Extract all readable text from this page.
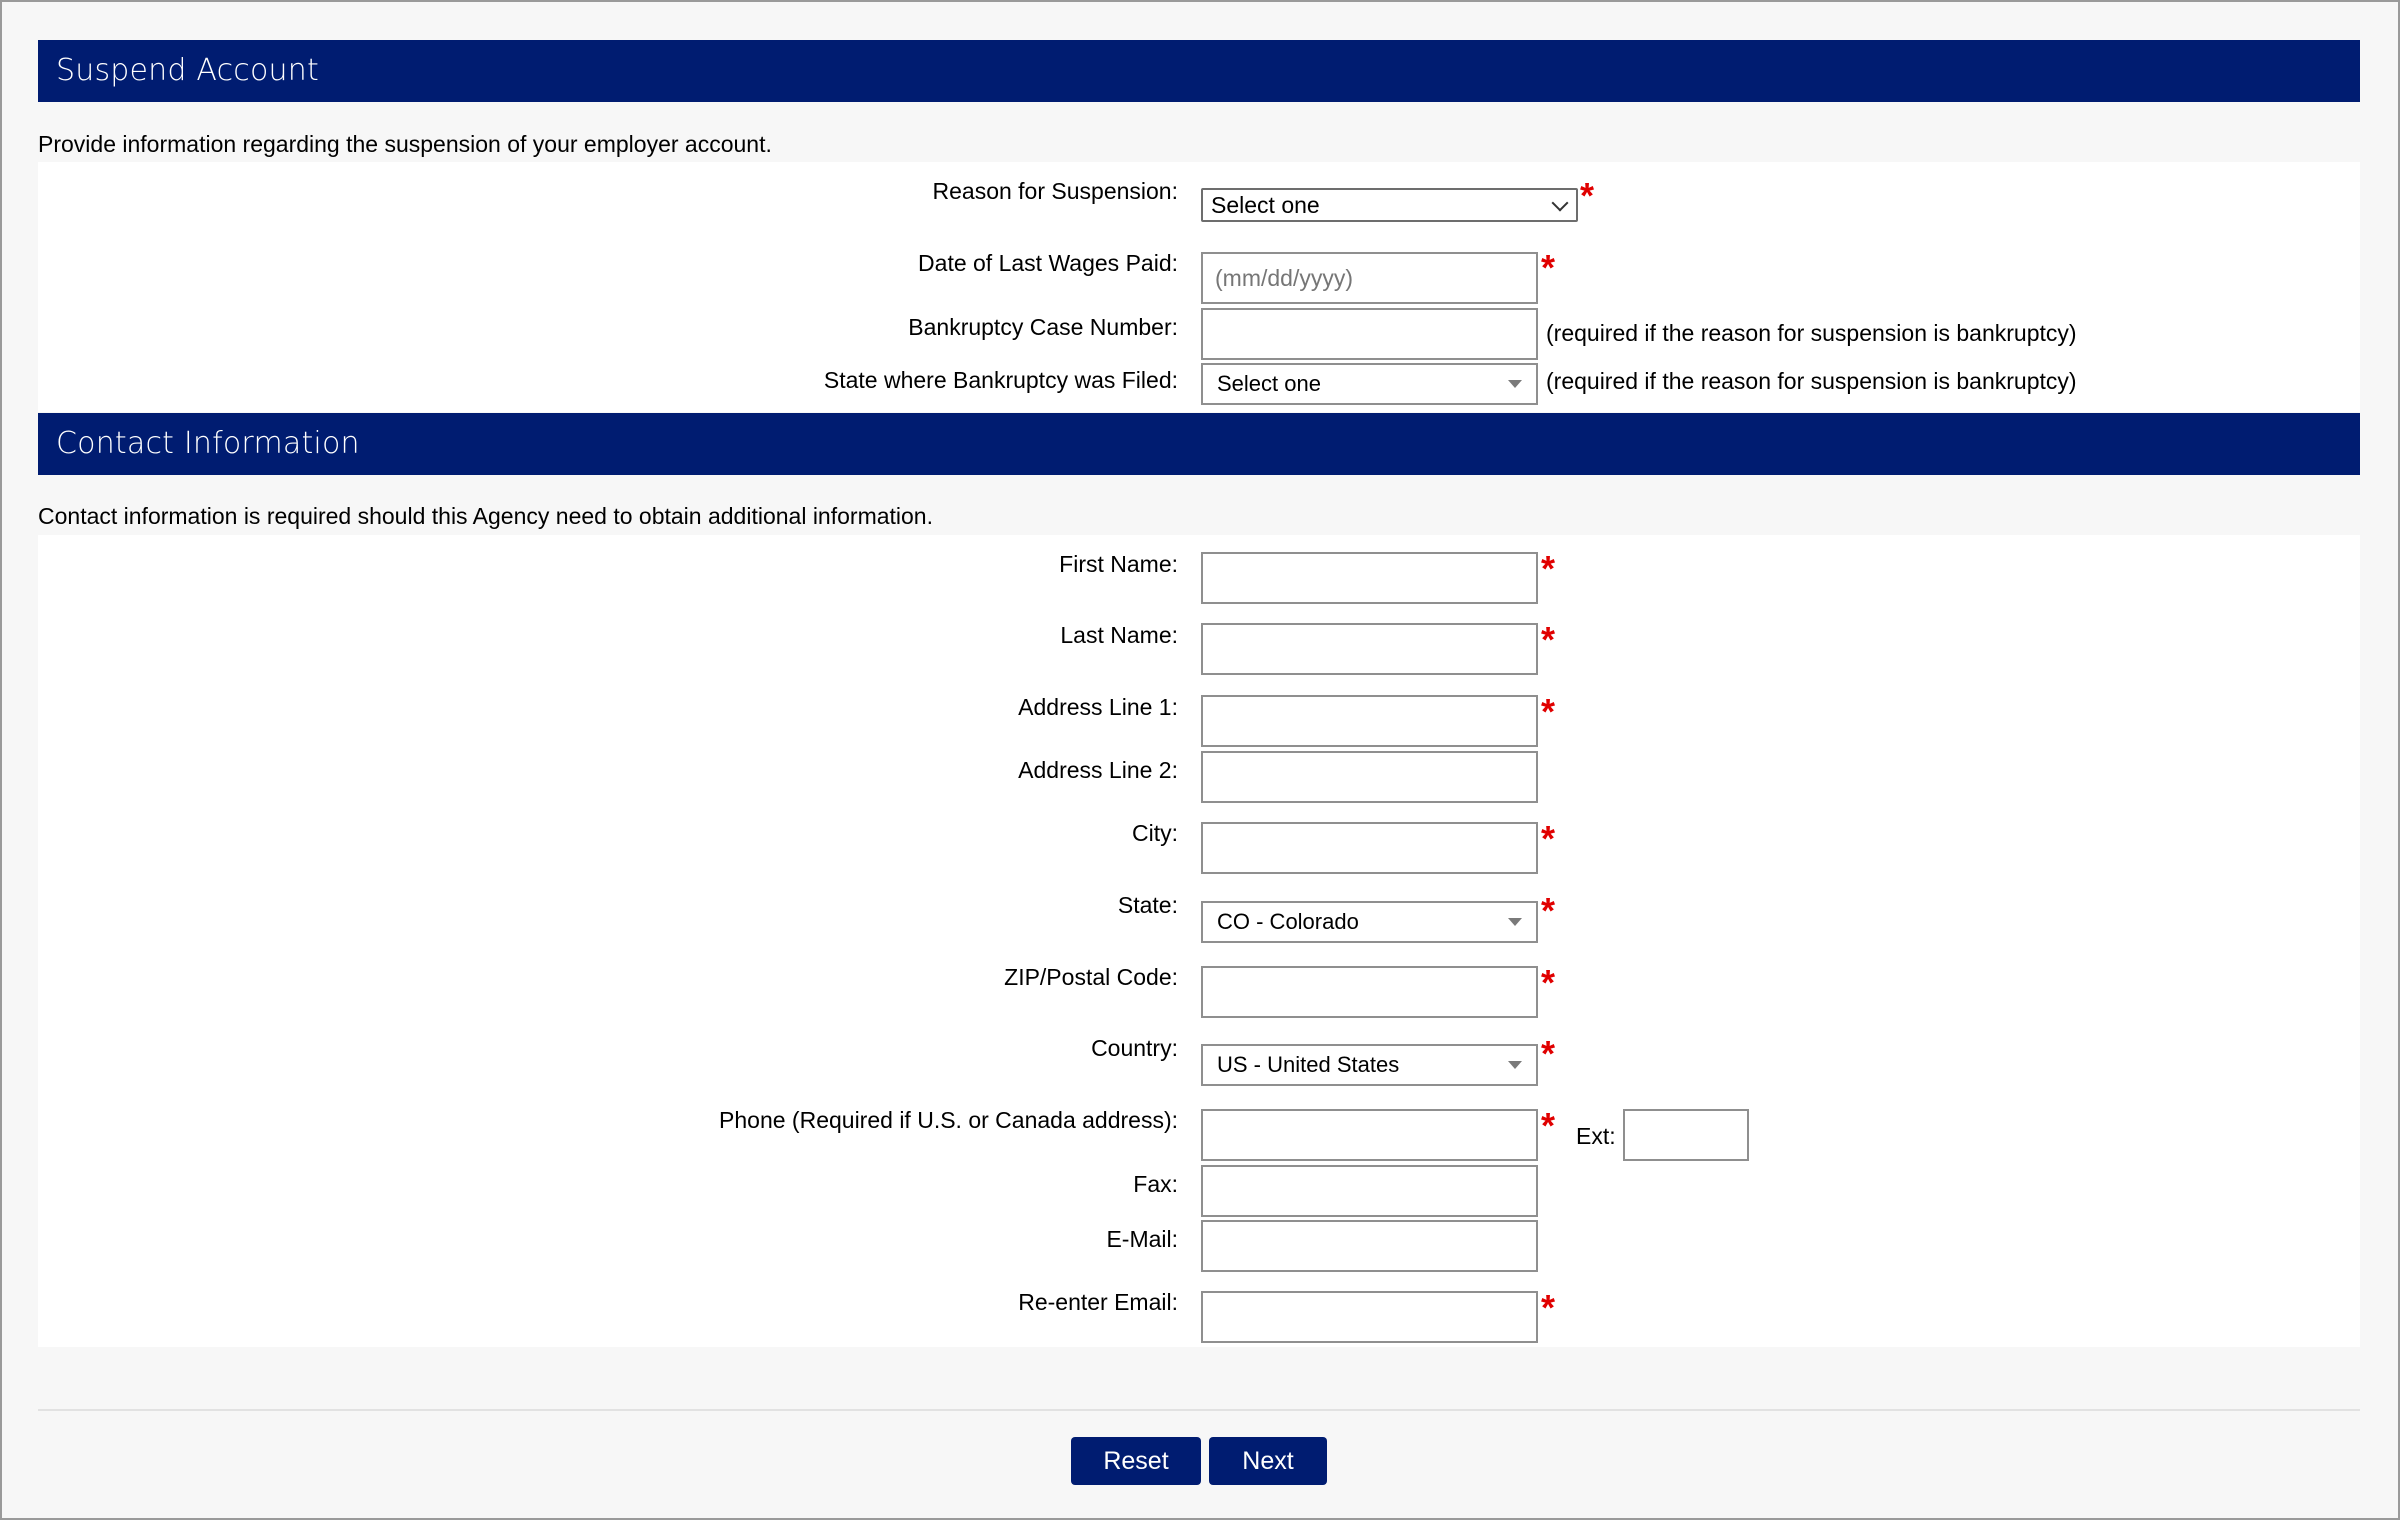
Suspend Account
Provide information regarding the suspension of your employer account.
Reason for Suspension:
Select one	*
Date of Last Wages Paid:
(mm/dd/yyyy)	*
Bankruptcy Case Number:	(required if the reason for suspension is bankruptcy)
State where Bankruptcy was Filed:	Select one	(required if the reason for suspension is bankruptcy)
Contact Information
Contact information is required should this Agency need to obtain additional information.
First Name:	*
Last Name:	*
Address Line 1:	*
Address Line 2:
City:	*
State:
CO - Colorado	*
ZIP/Postal Code:	*
Country:
US - United States	*
Phone (Required if U.S. or Canada address):	* Ext:
Fax:
E-Mail:
Re-enter Email:	*
Reset	Next
